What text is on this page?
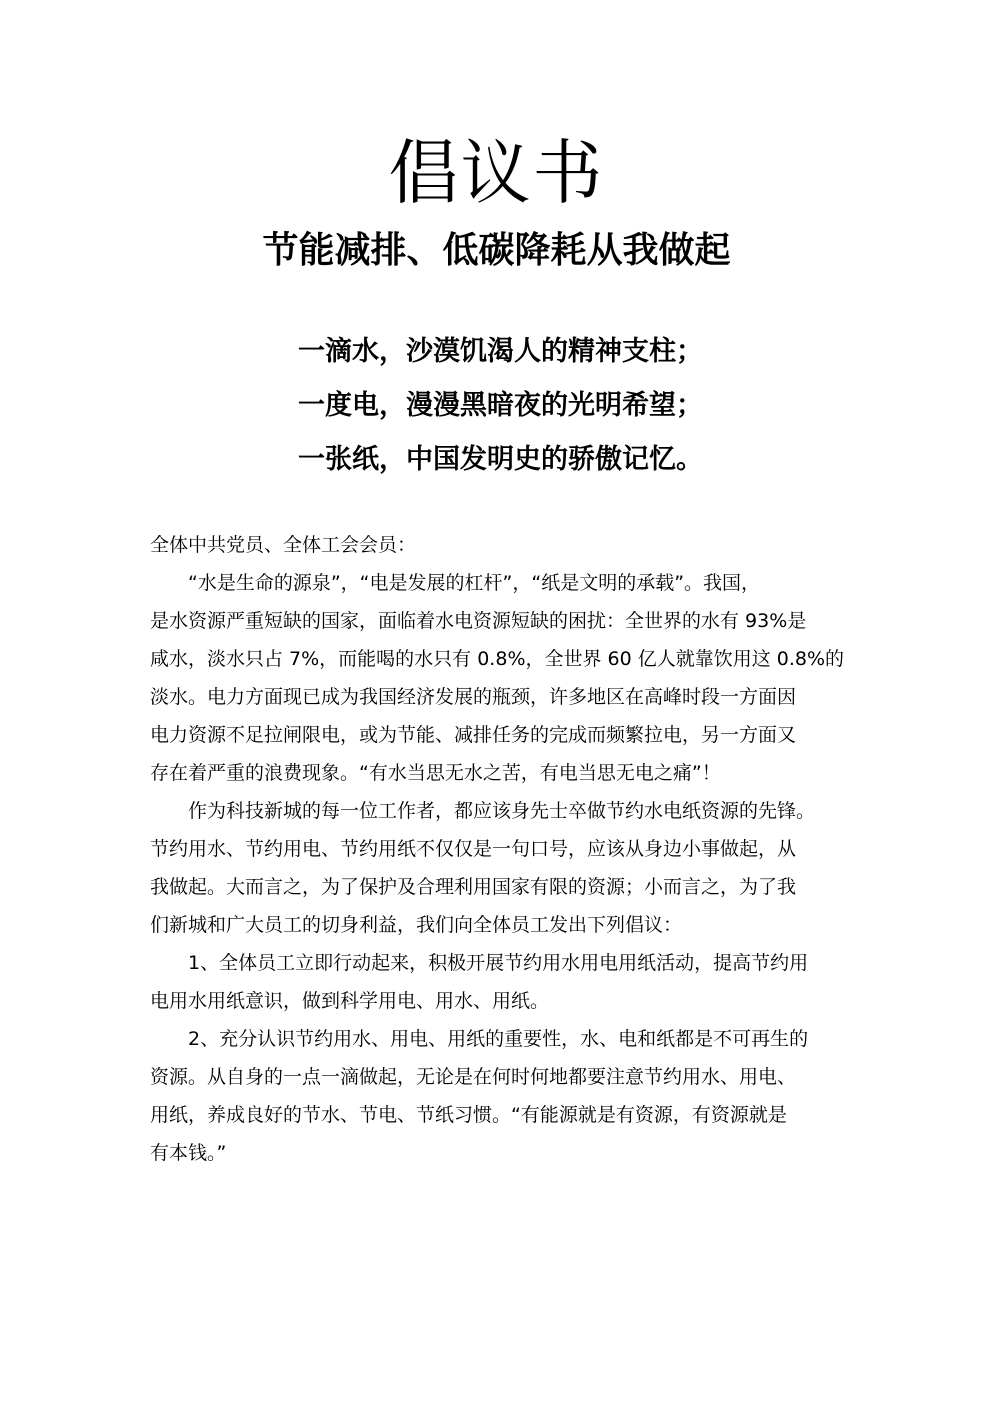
倡议书
节能减排、低碳降耗从我做起
一滴水，沙漠饥渴人的精神支柱；
一度电，漫漫黑暗夜的光明希望；
一张纸，中国发明史的骄傲记忆。
全体中共党员、全体工会会员：
“水是生命的源泉”，“电是发展的杠杆”，“纸是文明的承载”。我国，
是水资源严重短缺的国家，面临着水电资源短缺的困扰：全世界的水有 93%是
咸水，淡水只占 7%，而能喝的水只有 0.8%，全世界 60 亿人就靠饮用这 0.8%的
淡水。电力方面现已成为我国经济发展的瓶颈，许多地区在高峰时段一方面因
电力资源不足拉闸限电，或为节能、减排任务的完成而频繁拉电，另一方面又
存在着严重的浪费现象。“有水当思无水之苦，有电当思无电之痛”！
作为科技新城的每一位工作者，都应该身先士卒做节约水电纸资源的先锋。
节约用水、节约用电、节约用纸不仅仅是一句口号，应该从身边小事做起，从
我做起。大而言之，为了保护及合理利用国家有限的资源；小而言之，为了我
们新城和广大员工的切身利益，我们向全体员工发出下列倡议：
1、全体员工立即行动起来，积极开展节约用水用电用纸活动，提高节约用
电用水用纸意识，做到科学用电、用水、用纸。
2、充分认识节约用水、用电、用纸的重要性，水、电和纸都是不可再生的
资源。从自身的一点一滴做起，无论是在何时何地都要注意节约用水、用电、
用纸，养成良好的节水、节电、节纸习惯。“有能源就是有资源，有资源就是
有本钱。”
